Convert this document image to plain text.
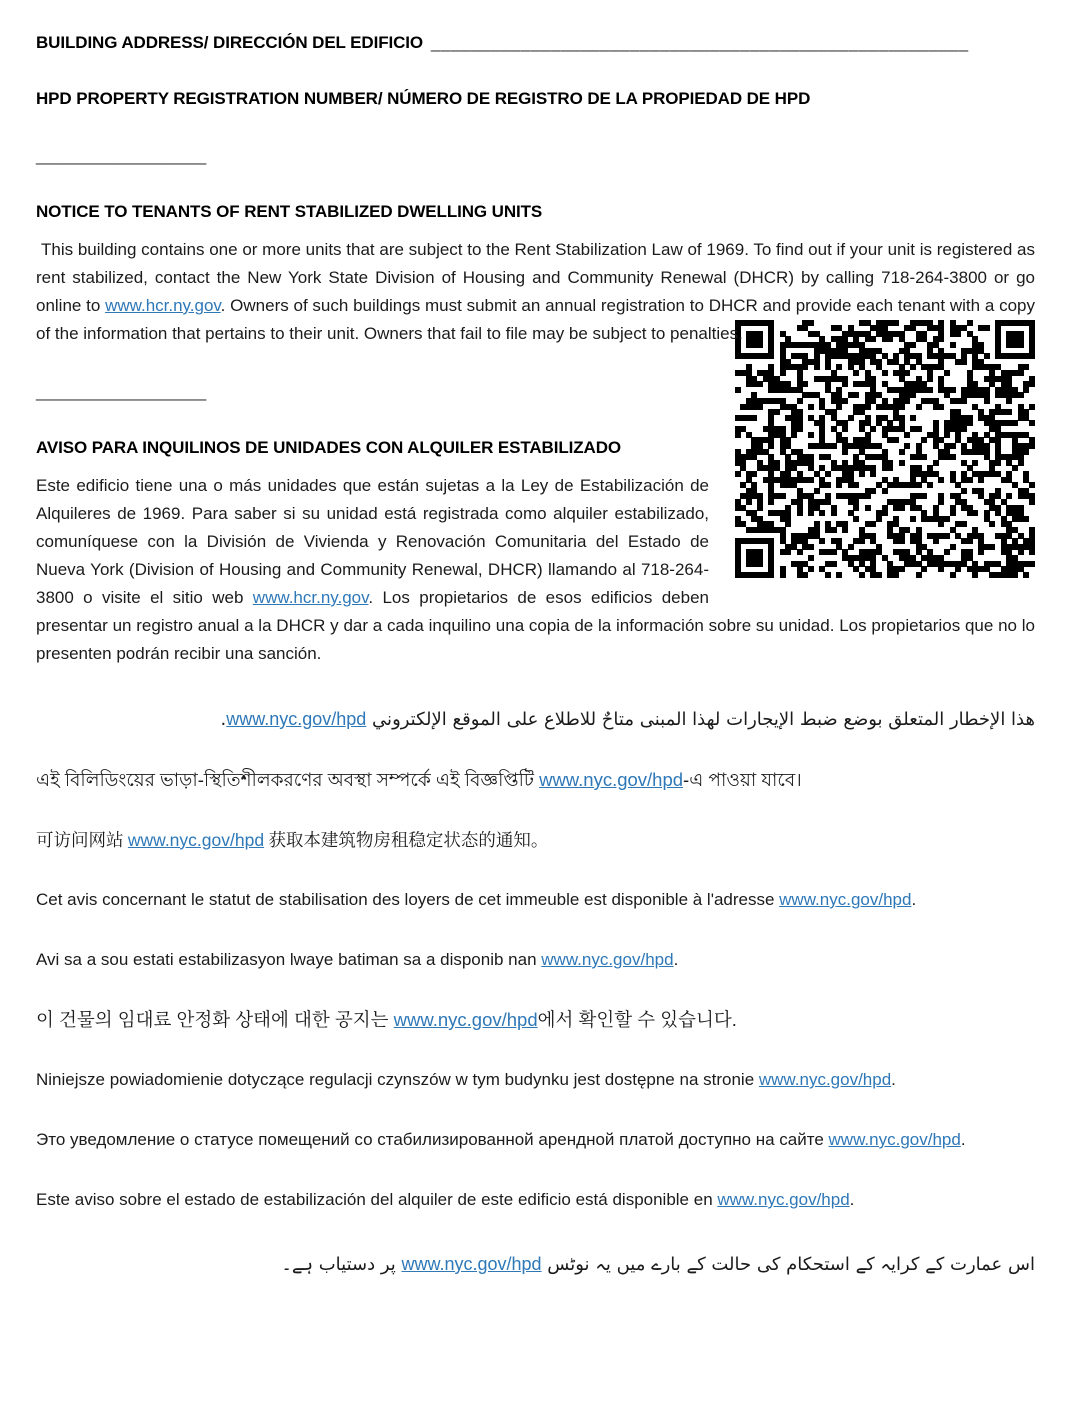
BUILDING ADDRESS/ DIRECCIÓN DEL EDIFICIO ______________________________________________________

HPD PROPERTY REGISTRATION NUMBER/ NÚMERO DE REGISTRO DE LA PROPIEDAD DE HPD

__________________

NOTICE TO TENANTS OF RENT STABILIZED DWELLING UNITS

This building contains one or more units that are subject to the Rent Stabilization Law of 1969. To find out if your unit is registered as rent stabilized, contact the New York State Division of Housing and Community Renewal (DHCR) by calling 718-264-3800 or go online to www.hcr.ny.gov. Owners of such buildings must submit an annual registration to DHCR and provide each tenant with a copy of the information that pertains to their unit. Owners that fail to file may be subject to penalties.

__________________

AVISO PARA INQUILINOS DE UNIDADES CON ALQUILER ESTABILIZADO

Este edificio tiene una o más unidades que están sujetas a la Ley de Estabilización de Alquileres de 1969. Para saber si su unidad está registrada como alquiler estabilizado, comuníquese con la División de Vivienda y Renovación Comunitaria del Estado de Nueva York (Division of Housing and Community Renewal, DHCR) llamando al 718-264-3800 o visite el sitio web www.hcr.ny.gov. Los propietarios de esos edificios deben presentar un registro anual a la DHCR y dar a cada inquilino una copia de la información sobre su unidad. Los propietarios que no lo presenten podrán recibir una sanción.

هذا الإخطار المتعلق بوضع ضبط الإيجارات لهذا المبنى متاحٌ للاطلاع على الموقع الإلكتروني www.nyc.gov/hpd.

এই বিলিডিংয়ের ভাড়া-স্থিতিশীলকরণের অবস্থা সম্পর্কে এই বিজ্ঞপ্তিটি www.nyc.gov/hpd-এ পাওয়া যাবে।

可访问网站 www.nyc.gov/hpd 获取本建筑物房租稳定状态的通知。

Cet avis concernant le statut de stabilisation des loyers de cet immeuble est disponible à l'adresse www.nyc.gov/hpd.

Avi sa a sou estati estabilizasyon lwaye batiman sa a disponib nan www.nyc.gov/hpd.

이 건물의 임대료 안정화 상태에 대한 공지는 www.nyc.gov/hpd에서 확인할 수 있습니다.

Niniejsze powiadomienie dotyczące regulacji czynszów w tym budynku jest dostępne na stronie www.nyc.gov/hpd.

Это уведомление о статусе помещений со стабилизированной арендной платой доступно на сайте www.nyc.gov/hpd.

Este aviso sobre el estado de estabilización del alquiler de este edificio está disponible en www.nyc.gov/hpd.

اس عمارت کے کرایہ کے استحکام کی حالت کے بارے میں یہ نوٹس www.nyc.gov/hpd پر دستیاب ہے۔
